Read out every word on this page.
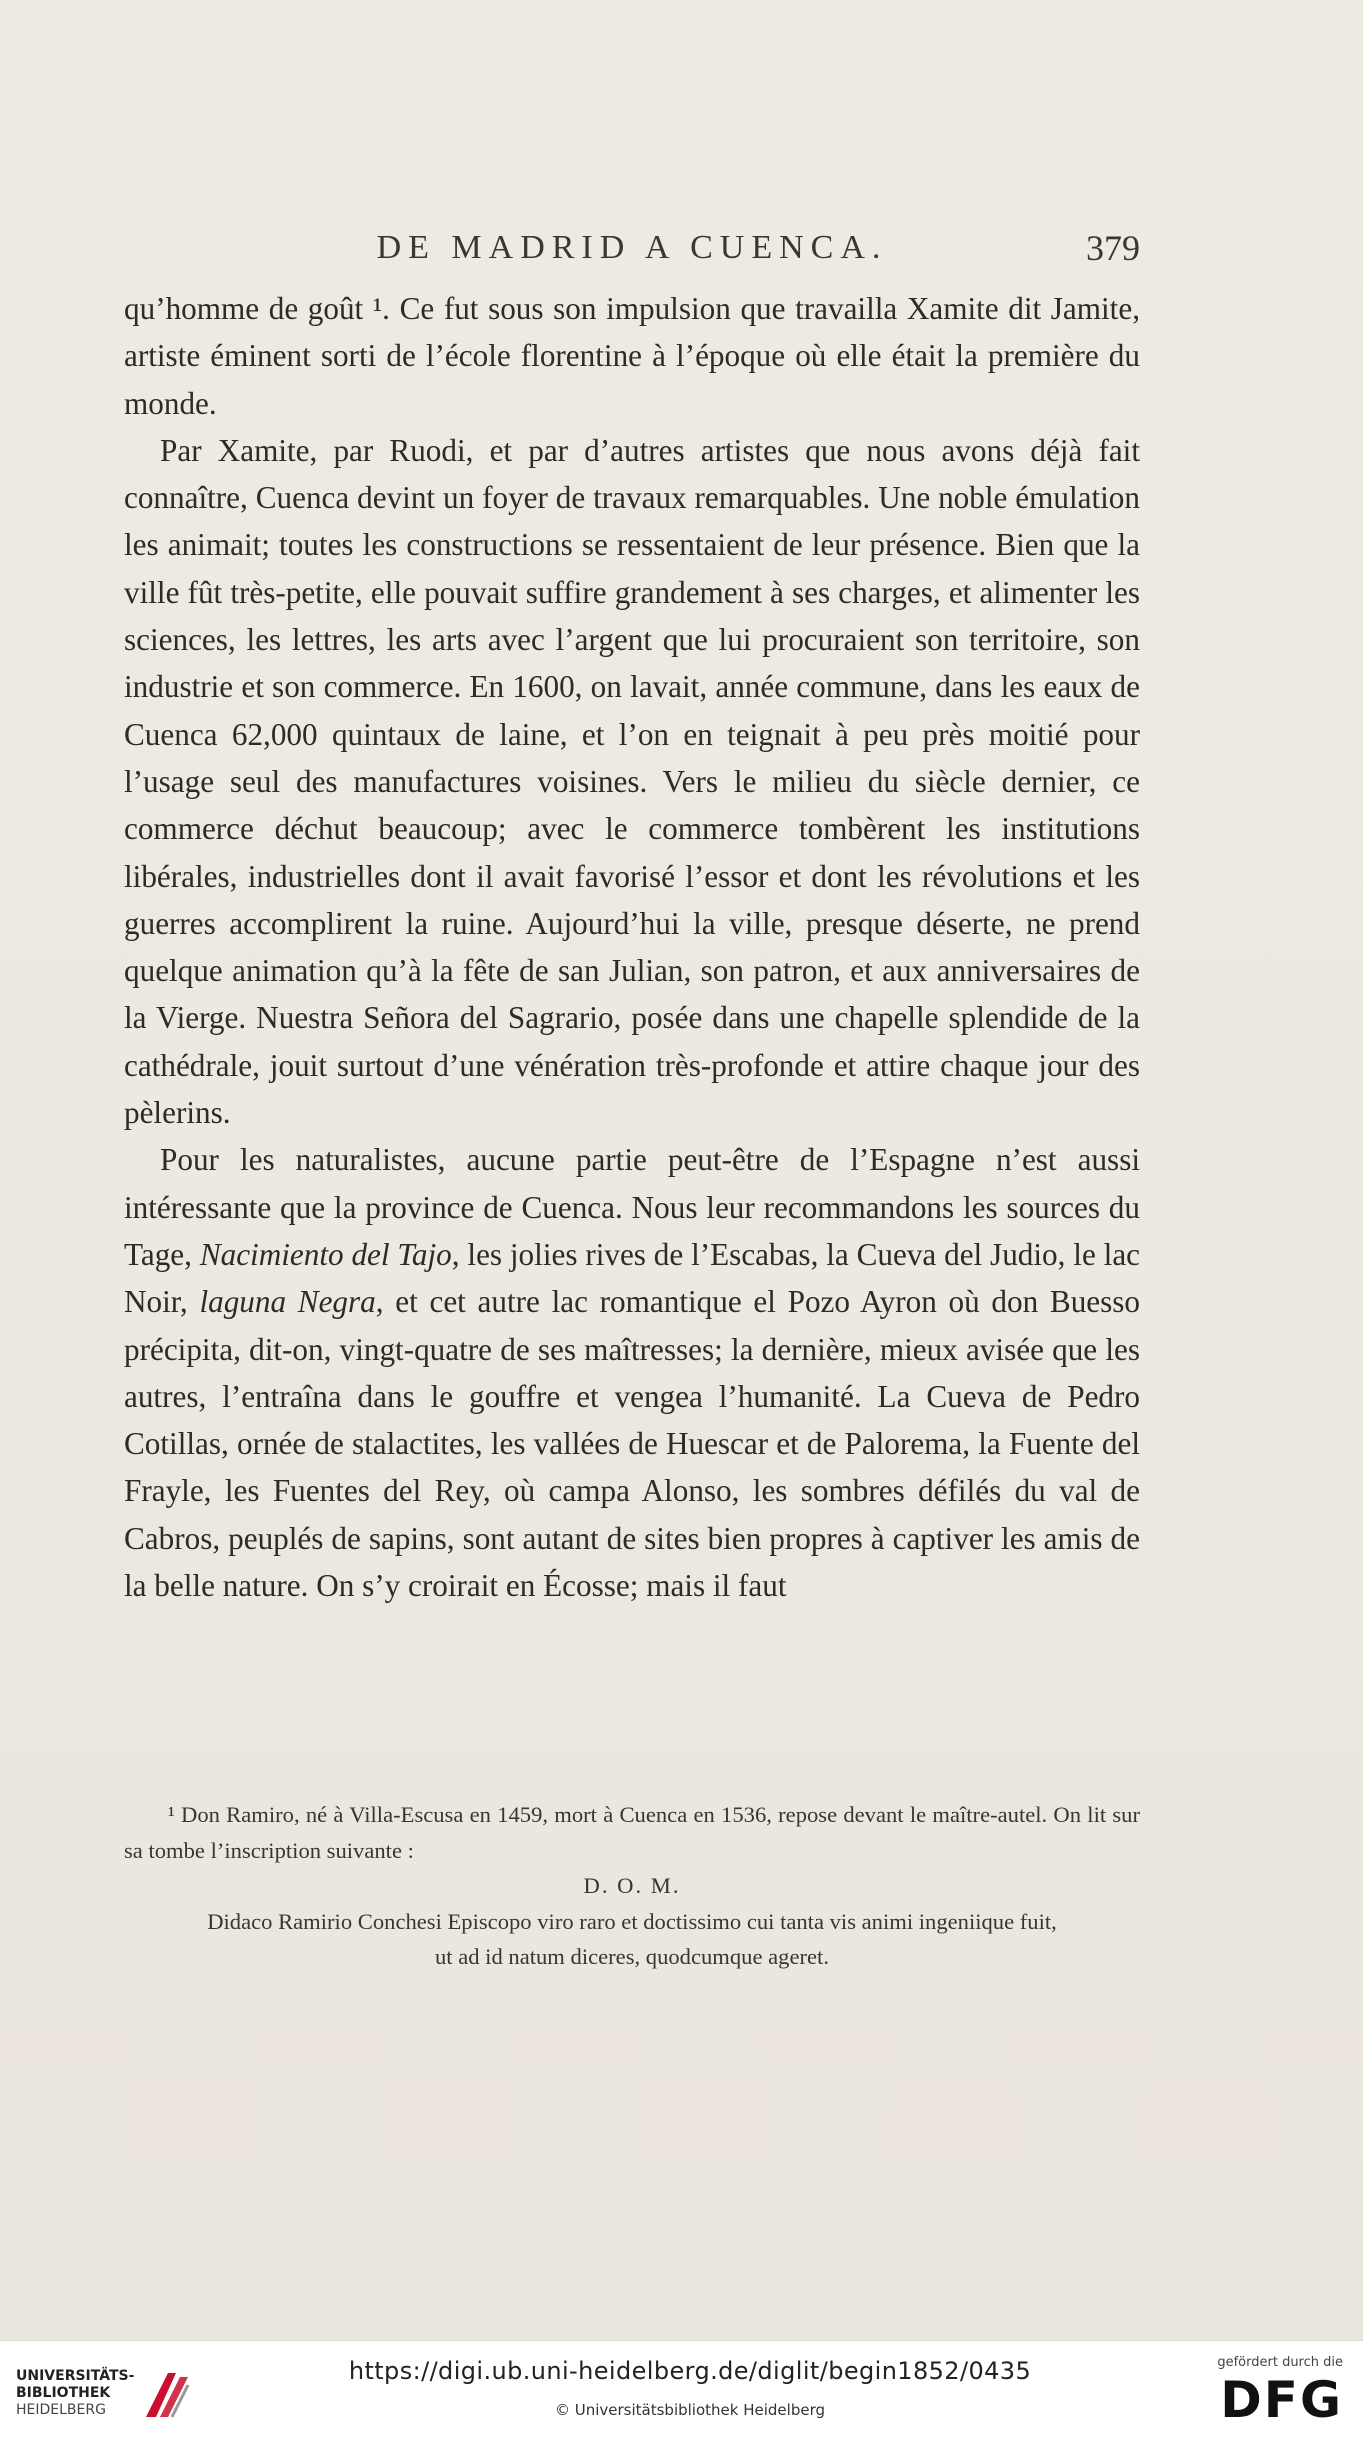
DE MADRID A CUENCA.	379

qu’homme de goût ¹. Ce fut sous son impulsion que travailla Xamite dit Jamite, artiste éminent sorti de l’école florentine à l’époque où elle était la première du monde.

Par Xamite, par Ruodi, et par d’autres artistes que nous avons déjà fait connaître, Cuenca devint un foyer de travaux remarquables. Une noble émulation les animait; toutes les constructions se ressentaient de leur présence. Bien que la ville fût très-petite, elle pouvait suffire grandement à ses charges, et alimenter les sciences, les lettres, les arts avec l’argent que lui procuraient son territoire, son industrie et son commerce. En 1600, on lavait, année commune, dans les eaux de Cuenca 62,000 quintaux de laine, et l’on en teignait à peu près moitié pour l’usage seul des manufactures voisines. Vers le milieu du siècle dernier, ce commerce déchut beaucoup; avec le commerce tombèrent les institutions libérales, industrielles dont il avait favorisé l’essor et dont les révolutions et les guerres accomplirent la ruine. Aujourd’hui la ville, presque déserte, ne prend quelque animation qu’à la fête de san Julian, son patron, et aux anniversaires de la Vierge. Nuestra Señora del Sagrario, posée dans une chapelle splendide de la cathédrale, jouit surtout d’une vénération très-profonde et attire chaque jour des pèlerins.

Pour les naturalistes, aucune partie peut-être de l’Espagne n’est aussi intéressante que la province de Cuenca. Nous leur recommandons les sources du Tage, Nacimiento del Tajo, les jolies rives de l’Escabas, la Cueva del Judio, le lac Noir, laguna Negra, et cet autre lac romantique el Pozo Ayron où don Buesso précipita, dit-on, vingt-quatre de ses maîtresses; la dernière, mieux avisée que les autres, l’entraîna dans le gouffre et vengea l’humanité. La Cueva de Pedro Cotillas, ornée de stalactites, les vallées de Huescar et de Palorema, la Fuente del Frayle, les Fuentes del Rey, où campa Alonso, les sombres défilés du val de Cabros, peuplés de sapins, sont autant de sites bien propres à captiver les amis de la belle nature. On s’y croirait en Écosse; mais il faut

¹ Don Ramiro, né à Villa-Escusa en 1459, mort à Cuenca en 1536, repose devant le maître-autel. On lit sur sa tombe l’inscription suivante :

D. O. M.

Didaco Ramirio Conchesi Episcopo viro raro et doctissimo cui tanta vis animi ingeniique fuit,

ut ad id natum diceres, quodcumque ageret.

UNIVERSITÄTS-
BIBLIOTHEK
HEIDELBERG
https://digi.ub.uni-heidelberg.de/diglit/begin1852/0435
© Universitätsbibliothek Heidelberg
gefördert durch die
DFG
